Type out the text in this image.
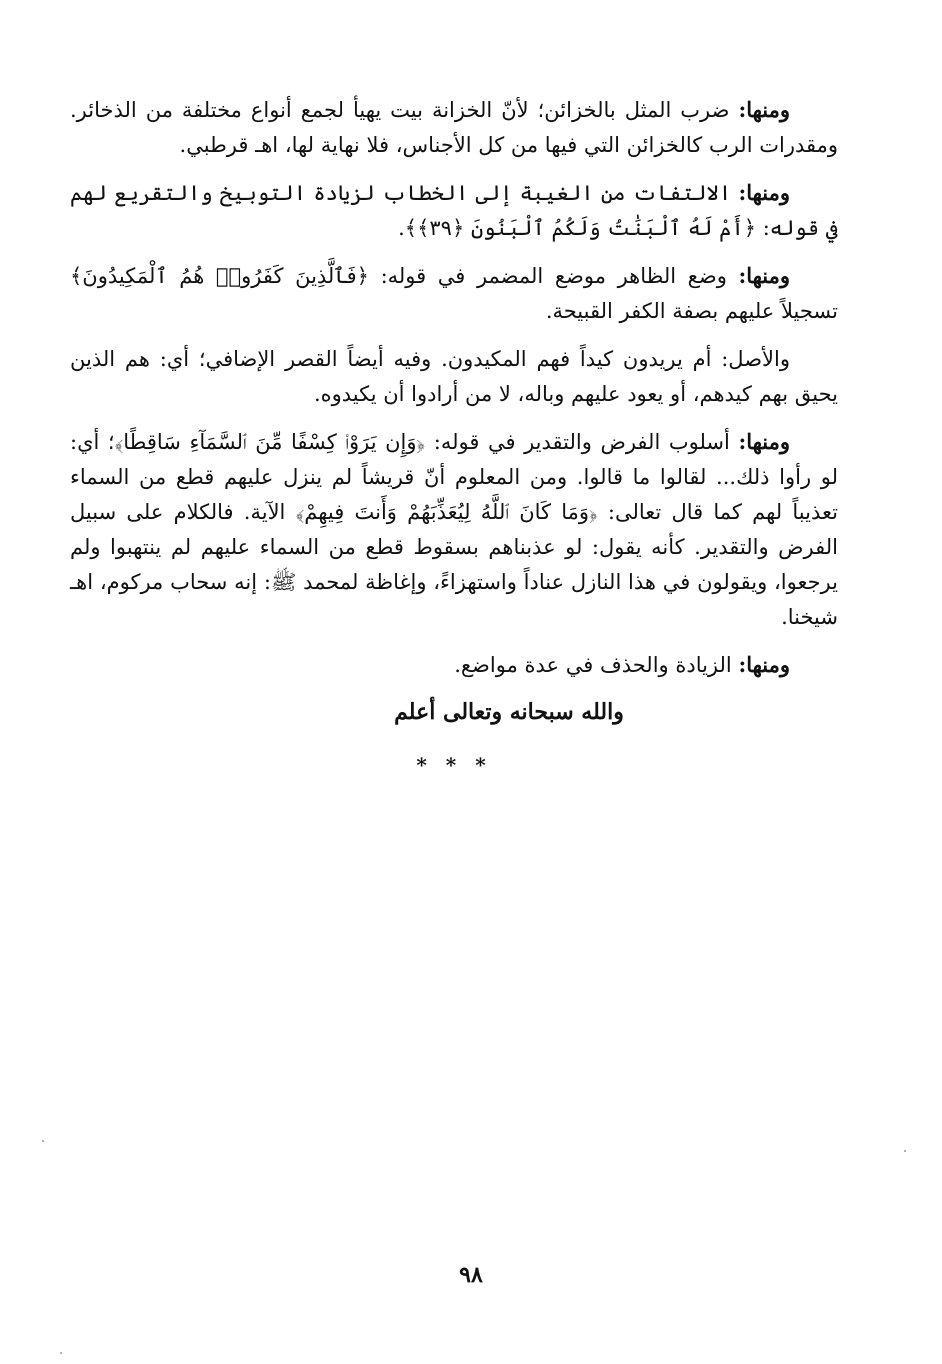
ومنها: ضرب المثل بالخزائن؛ لأنّ الخزانة بيت يهيأ لجمع أنواع مختلفة من الذخائر. ومقدرات الرب كالخزائن التي فيها من كل الأجناس، فلا نهاية لها، اهـ قرطبي.

ومنها: الالتفات من الغيبة إلى الخطاب لزيادة التوبيخ والتقريع لهم في قوله: ﴿أَمْ لَهُ ٱلْبَنَٰتُ وَلَكُمُ ٱلْبَنُونَ ﴿٣٩﴾﴾.

ومنها: وضع الظاهر موضع المضمر في قوله: ﴿فَٱلَّذِينَ كَفَرُوا۟ هُمُ ٱلْمَكِيدُونَ﴾ تسجيلاً عليهم بصفة الكفر القبيحة.

والأصل: أم يريدون كيداً فهم المكيدون. وفيه أيضاً القصر الإضافي؛ أي: هم الذين يحيق بهم كيدهم، أو يعود عليهم وباله، لا من أرادوا أن يكيدوه.

ومنها: أسلوب الفرض والتقدير في قوله: ﴿وَإِن يَرَوْا۟ كِسْفًا مِّنَ ٱلسَّمَآءِ سَاقِطًا﴾؛ أي: لو رأوا ذلك... لقالوا ما قالوا. ومن المعلوم أنّ قريشاً لم ينزل عليهم قطع من السماء تعذيباً لهم كما قال تعالى: ﴿وَمَا كَانَ ٱللَّهُ لِيُعَذِّبَهُمْ وَأَنتَ فِيهِمْ﴾ الآية. فالكلام على سبيل الفرض والتقدير. كأنه يقول: لو عذبناهم بسقوط قطع من السماء عليهم لم ينتهبوا ولم يرجعوا، ويقولون في هذا النازل عناداً واستهزاءً، وإغاظة لمحمد ﷺ: إنه سحاب مركوم، اهـ شيخنا.

ومنها: الزيادة والحذف في عدة مواضع.

والله سبحانه وتعالى أعلم
* * *
٩٨
